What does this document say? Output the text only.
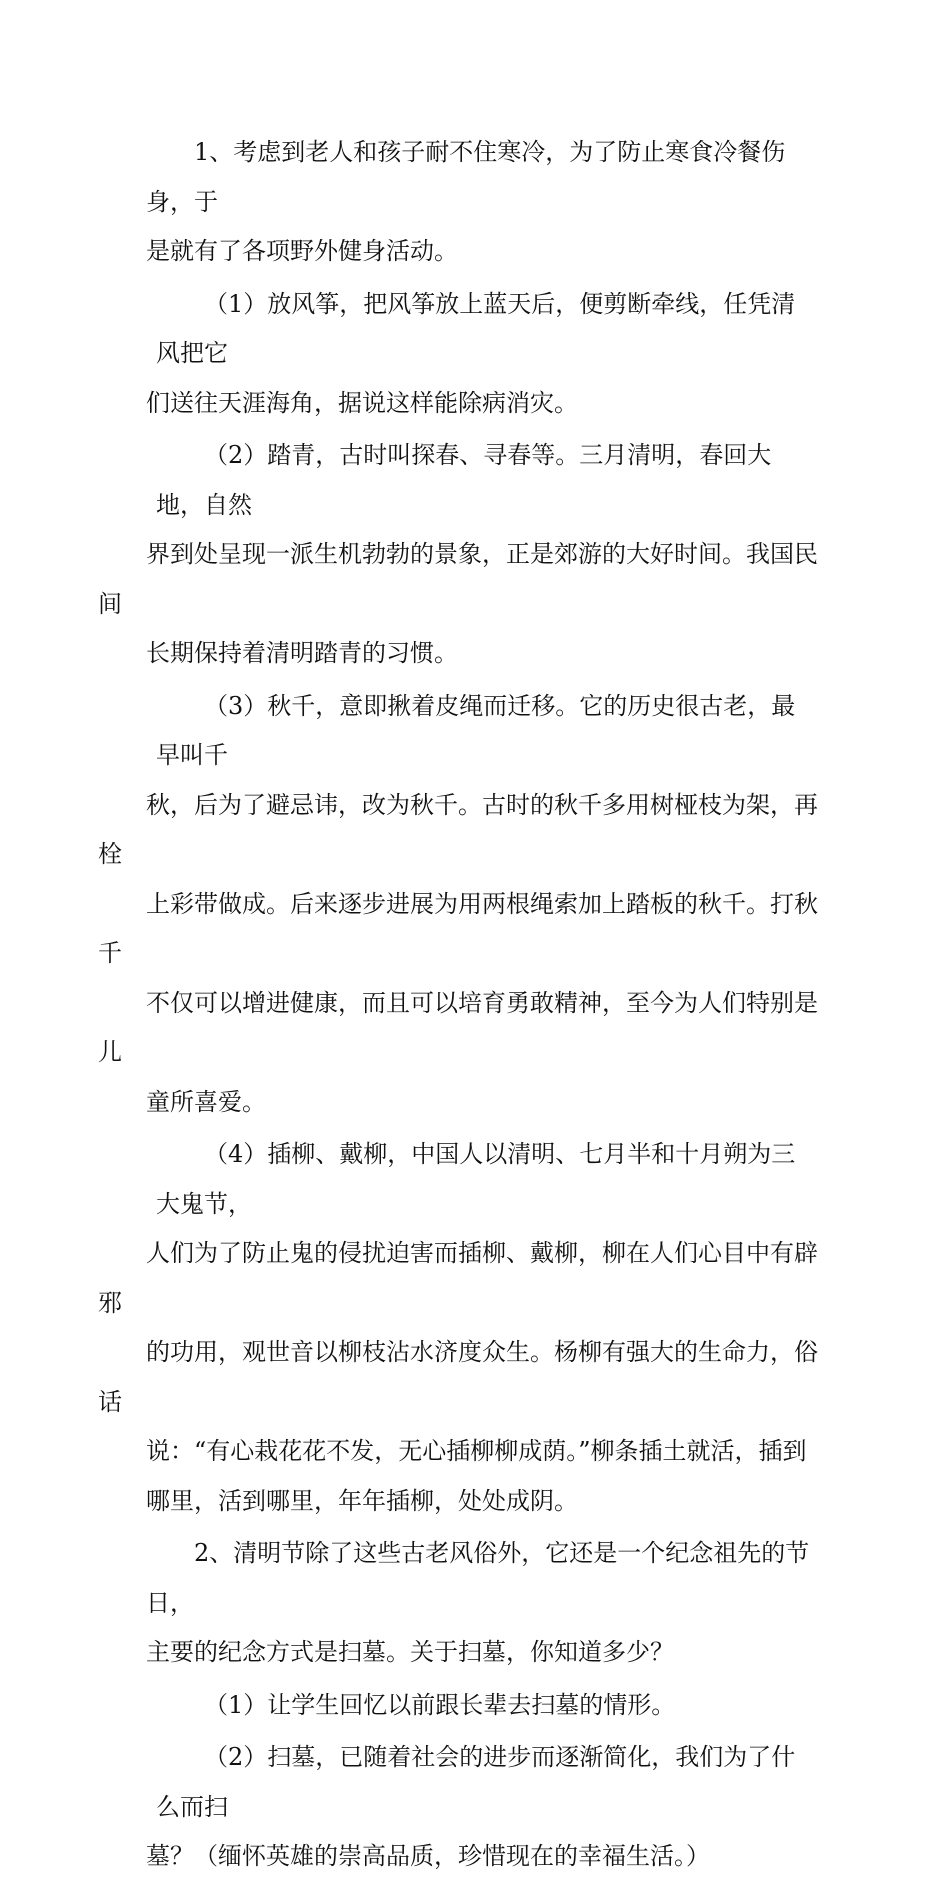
1、考虑到老人和孩子耐不住寒冷，为了防止寒食冷餐伤身，于
是就有了各项野外健身活动。

（1）放风筝，把风筝放上蓝天后，便剪断牵线，任凭清风把它
们送往天涯海角，据说这样能除病消灾。

（2）踏青，古时叫探春、寻春等。三月清明，春回大地，自然
界到处呈现一派生机勃勃的景象，正是郊游的大好时间。我国民间
长期保持着清明踏青的习惯。

（3）秋千，意即揪着皮绳而迁移。它的历史很古老，最早叫千
秋，后为了避忌讳，改为秋千。古时的秋千多用树桠枝为架，再栓
上彩带做成。后来逐步进展为用两根绳索加上踏板的秋千。打秋千
不仅可以增进健康，而且可以培育勇敢精神，至今为人们特别是儿
童所喜爱。

（4）插柳、戴柳，中国人以清明、七月半和十月朔为三大鬼节，
人们为了防止鬼的侵扰迫害而插柳、戴柳，柳在人们心目中有辟邪
的功用，观世音以柳枝沾水济度众生。杨柳有强大的生命力，俗话
说：“有心栽花花不发，无心插柳柳成荫。”柳条插土就活，插到
哪里，活到哪里，年年插柳，处处成阴。

2、清明节除了这些古老风俗外，它还是一个纪念祖先的节日，
主要的纪念方式是扫墓。关于扫墓，你知道多少？

（1）让学生回忆以前跟长辈去扫墓的情形。

（2）扫墓，已随着社会的进步而逐渐简化，我们为了什么而扫
墓？（缅怀英雄的崇高品质，珍惜现在的幸福生活。）
